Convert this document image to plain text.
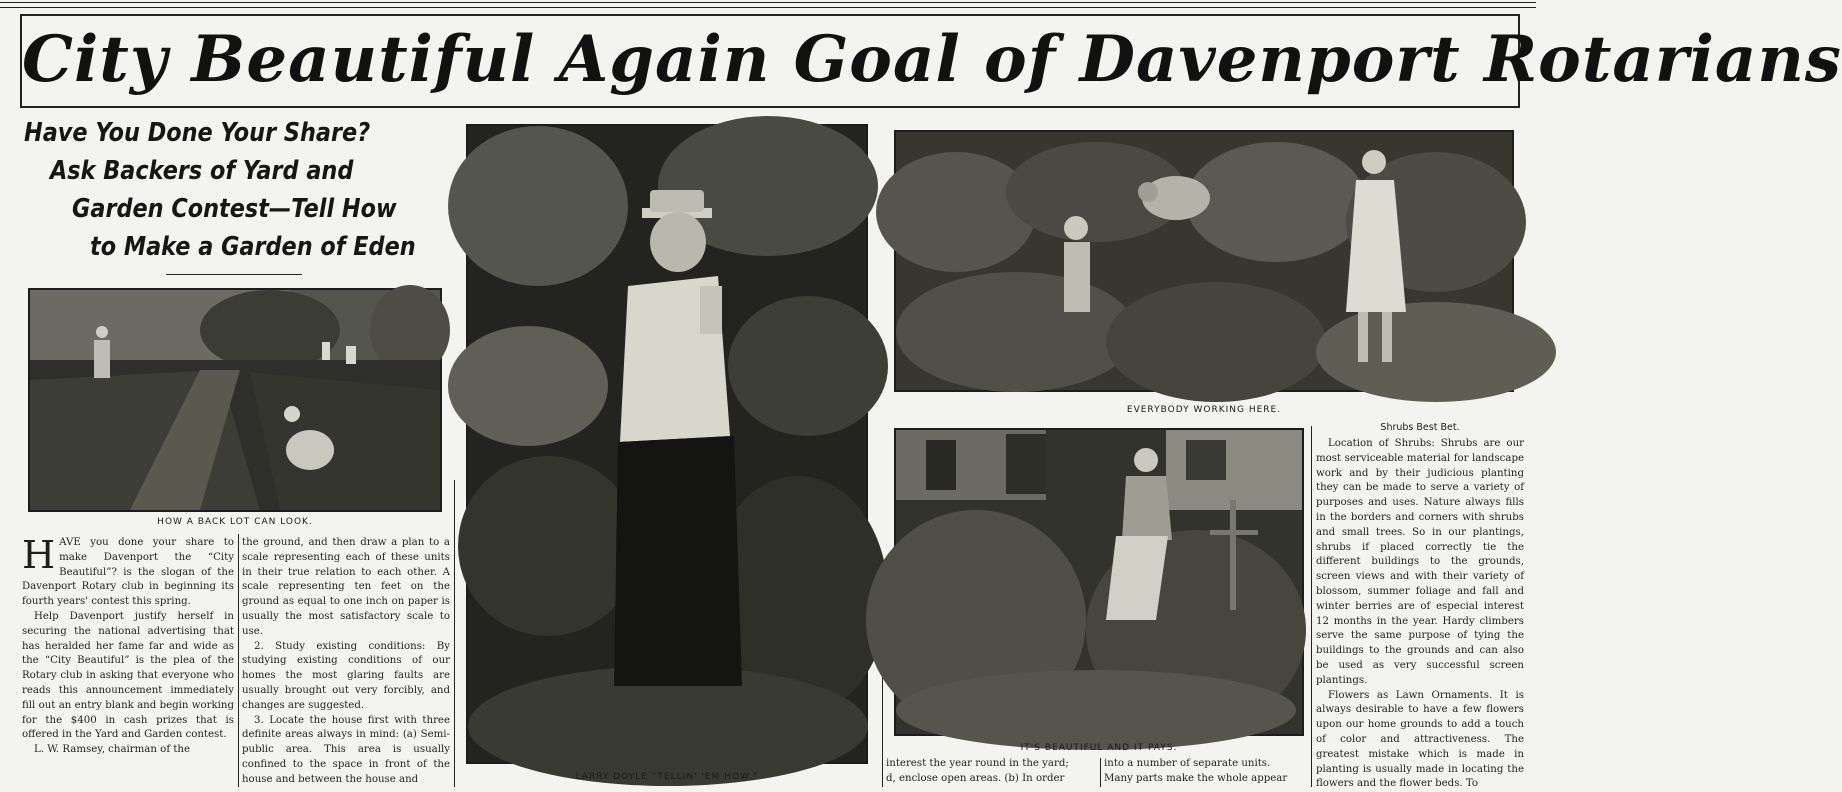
City Beautiful Again Goal of Davenport Rotarians
Have You Done Your Share?
Ask Backers of Yard and
Garden Contest—Tell How
to Make a Garden of Eden
HOW A BACK LOT CAN LOOK.

HAVE you done your share to make Davenport the “City Beautiful”? is the slogan of the Davenport Rotary club in beginning its fourth years' contest this spring.

Help Davenport justify herself in securing the national advertising that has heralded her fame far and wide as the “City Beautiful” is the plea of the Rotary club in asking that everyone who reads this announcement immediately fill out an entry blank and begin working for the $400 in cash prizes that is offered in the Yard and Garden contest.

L. W. Ramsey, chairman of the

the ground, and then draw a plan to a scale representing each of these units in their true relation to each other. A scale representing ten feet on the ground as equal to one inch on paper is usually the most satisfactory scale to use.

2. Study existing conditions: By studying existing conditions of our homes the most glaring faults are usually brought out very forcibly, and changes are suggested.

3. Locate the house first with three definite areas always in mind: (a) Semi-public area. This area is usually confined to the space in front of the house and between the house and	LARRY DOYLE “TELLIN' 'EM HOW.”
EVERYBODY WORKING HERE.
IT'S BEAUTIFUL AND IT PAYS.
interest the year round in the yard;
d, enclose open areas. (b) In order
into a number of separate units.
Many parts make the whole appear
Shrubs Best Bet.

Location of Shrubs: Shrubs are our most serviceable material for landscape work and by their judicious planting they can be made to serve a variety of purposes and uses. Nature always fills in the borders and corners with shrubs and small trees. So in our plantings, shrubs if placed correctly tie the different buildings to the grounds, screen views and with their variety of blossom, summer foliage and fall and winter berries are of especial interest 12 months in the year. Hardy climbers serve the same purpose of tying the buildings to the grounds and can also be used as very successful screen plantings.

Flowers as Lawn Ornaments. It is always desirable to have a few flowers upon our home grounds to add a touch of color and attractiveness. The greatest mistake which is made in planting is usually made in locating the flowers and the flower beds. To
